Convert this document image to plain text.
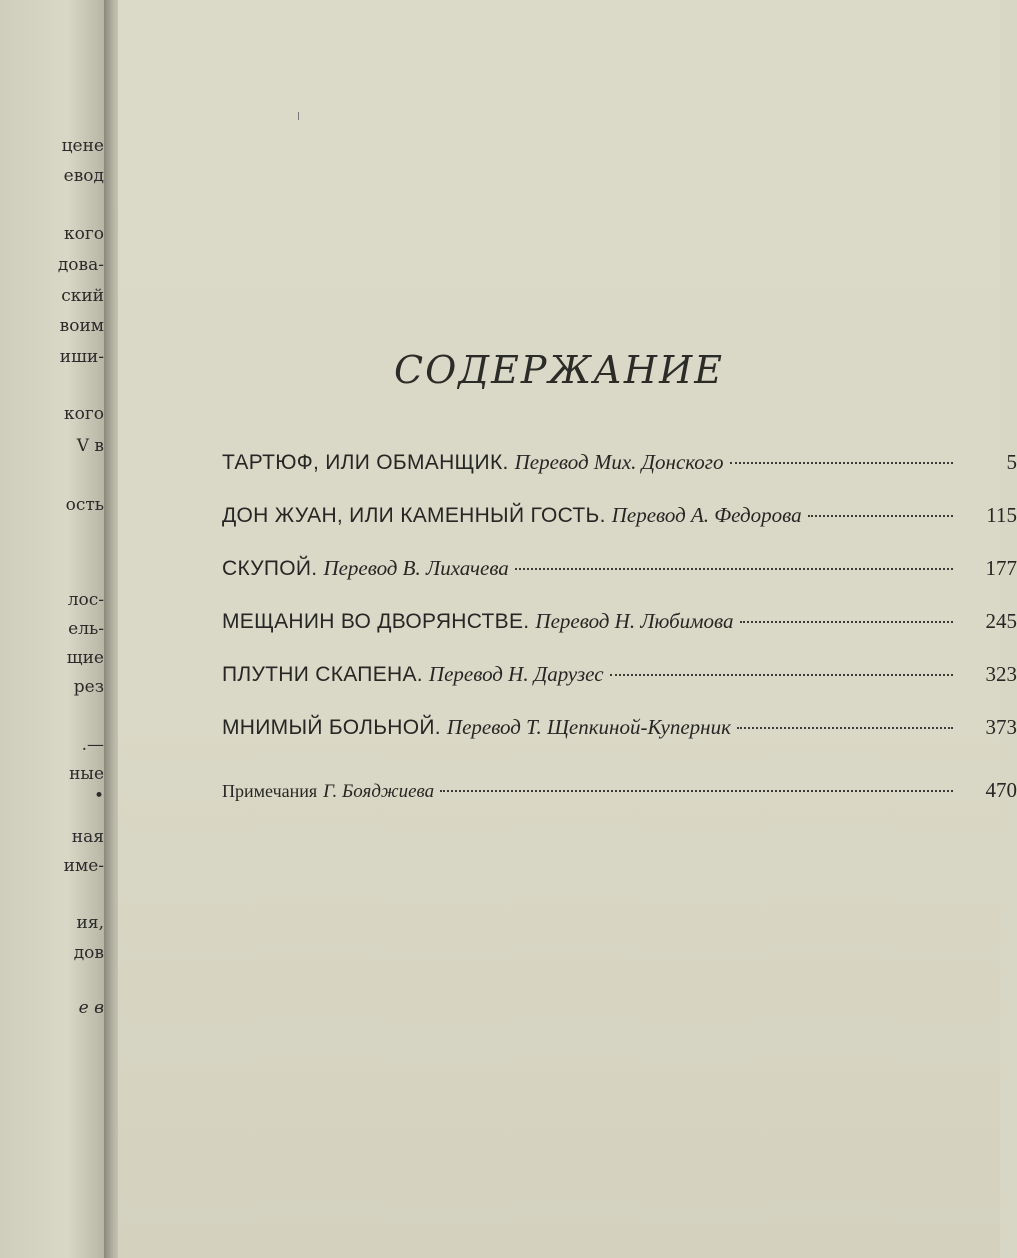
цене
евод
кого
дова-
ский
воим
иши-
кого
V в
ость
лос-
ель-
щие
рез
.—
ные
•
ная
име-
ия,
дов
е в
СОДЕРЖАНИЕ
ТАРТЮФ, ИЛИ ОБМАНЩИК. Перевод Мих. Донского	5
ДОН ЖУАН, ИЛИ КАМЕННЫЙ ГОСТЬ. Перевод А. Федорова	115
СКУПОЙ. Перевод В. Лихачева	177
МЕЩАНИН ВО ДВОРЯНСТВЕ. Перевод Н. Любимова	245
ПЛУТНИ СКАПЕНА. Перевод Н. Дарузес	323
МНИМЫЙ БОЛЬНОЙ. Перевод Т. Щепкиной-Куперник	373
Примечания Г. Бояджиева	470
